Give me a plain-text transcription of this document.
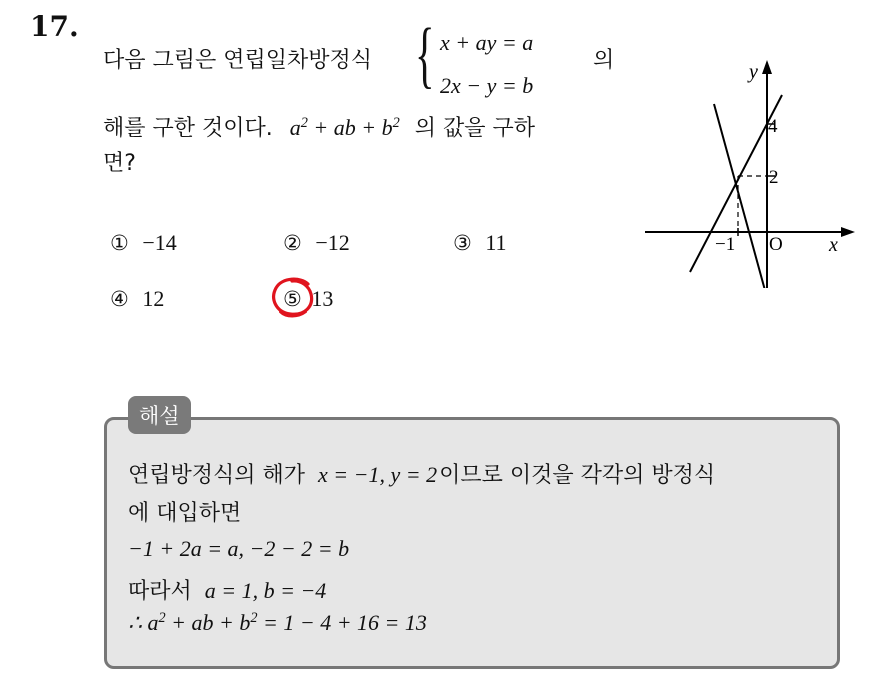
17.
다음 그림은 연립일차방정식 { x + ay = a
2x − y = b
의
해를 구한 것이다. $a^2$ + ab + $b^2$ 의 값을 구하
면?
① −14	② −12	③ 11
④ 12	⑤ 13
y
x
O
4
2
−1
해설
연립방정식의 해가 x = −1, y = 2이므로 이것을 각각의 방정식
에 대입하면
−1 + 2a = a, −2 − 2 = b
따라서 a = 1, b = −4
∴ $a^2$ + ab + $b^2 = 1 - 4 + 16 = 13$
